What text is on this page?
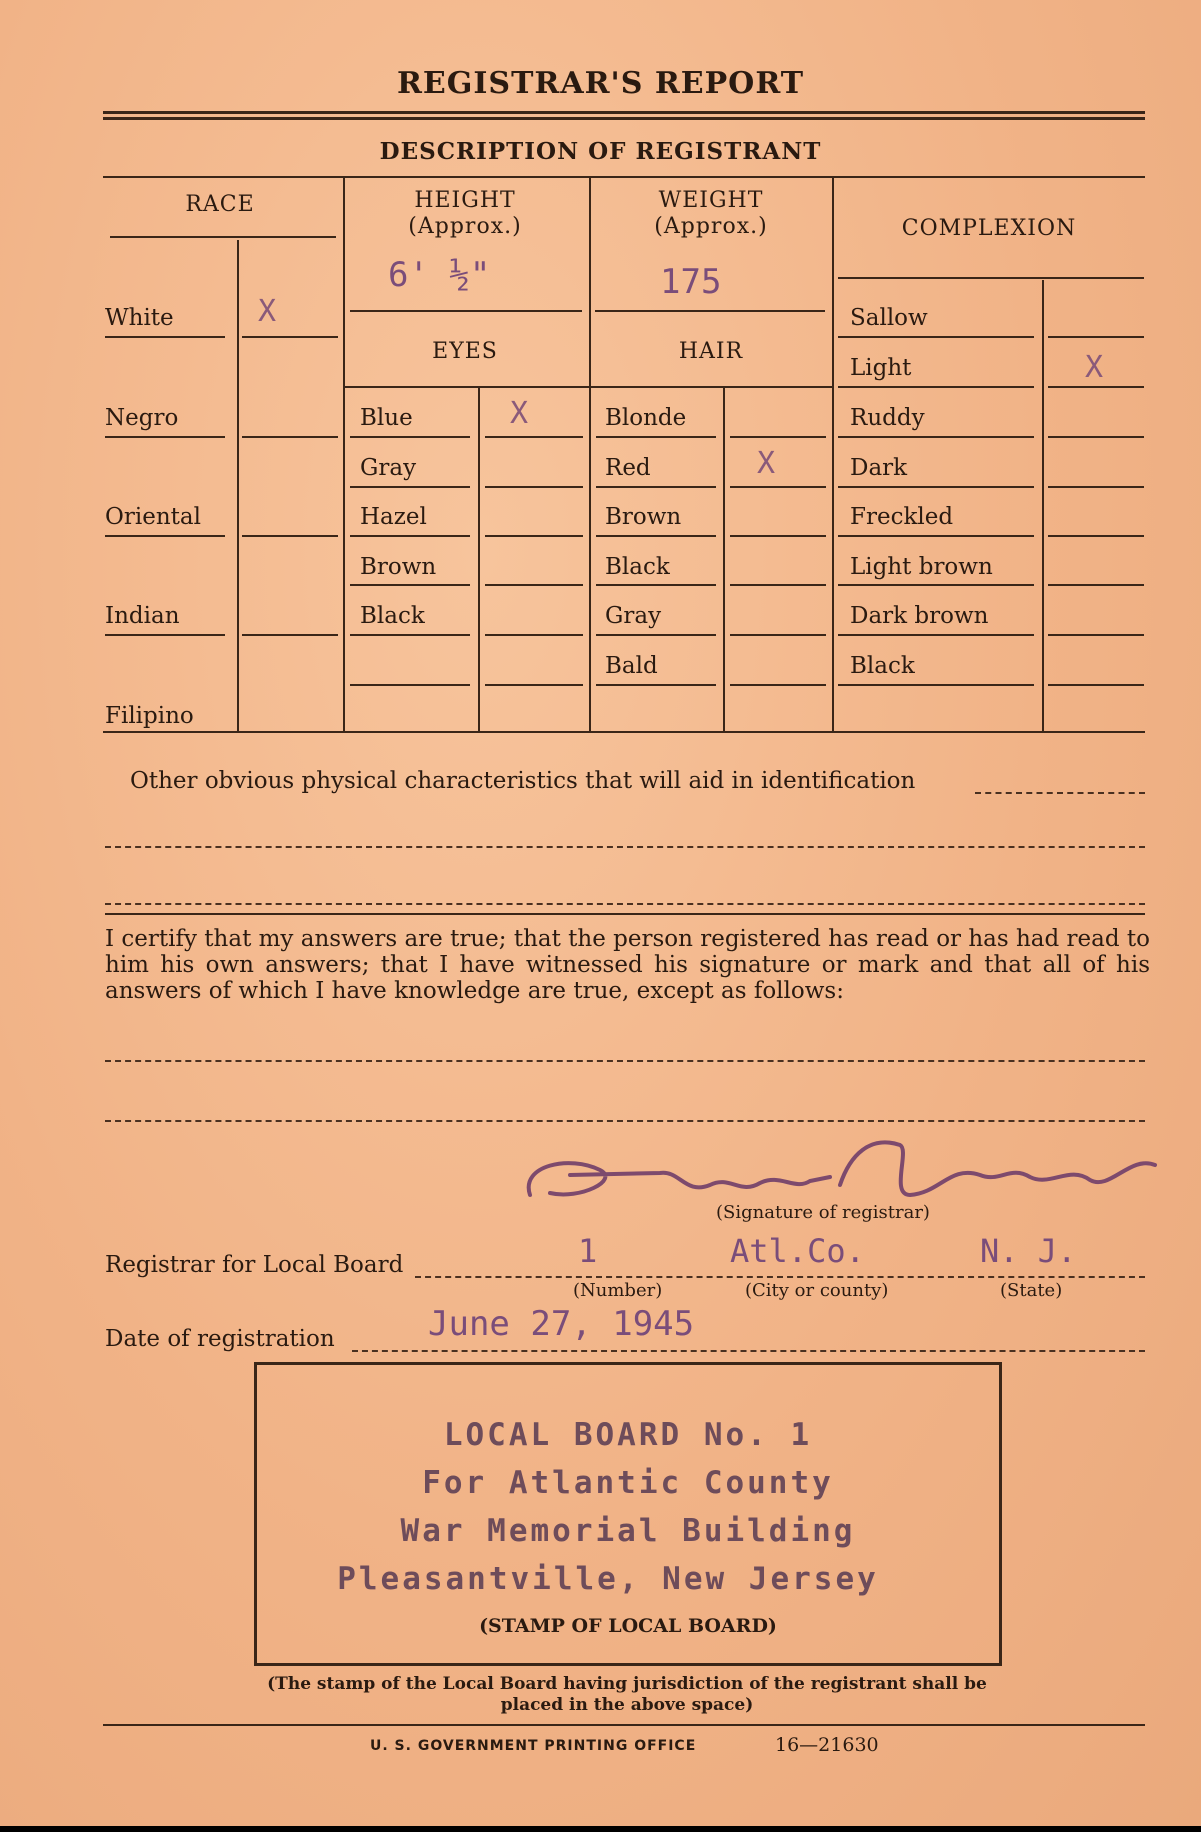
REGISTRAR'S REPORT
DESCRIPTION OF REGISTRANT
RACE
White	X
Negro
Oriental
Indian
Filipino
HEIGHT
(Approx.)
6' ½"
WEIGHT
(Approx.)
175
EYES
Blue	X
Gray
Hazel
Brown
Black
HAIR
Blonde
Red	X
Brown
Black
Gray
Bald
COMPLEXION
Sallow
Light	X
Ruddy
Dark
Freckled
Light brown
Dark brown
Black
Other obvious physical characteristics that will aid in identification
I certify that my answers are true; that the person registered has read or has had read to him his own answers; that I have witnessed his signature or mark and that all of his answers of which I have knowledge are true, except as follows:
(Signature of registrar)
Registrar for Local Board	1	Atl.Co.	N. J.
(Number)	(City or county)	(State)
Date of registration	June 27, 1945
LOCAL BOARD No. 1
For Atlantic County
War Memorial Building
Pleasantville, New Jersey
(STAMP OF LOCAL BOARD)
(The stamp of the Local Board having jurisdiction of the registrant shall be placed in the above space)
U. S. GOVERNMENT PRINTING OFFICE	16—21630
